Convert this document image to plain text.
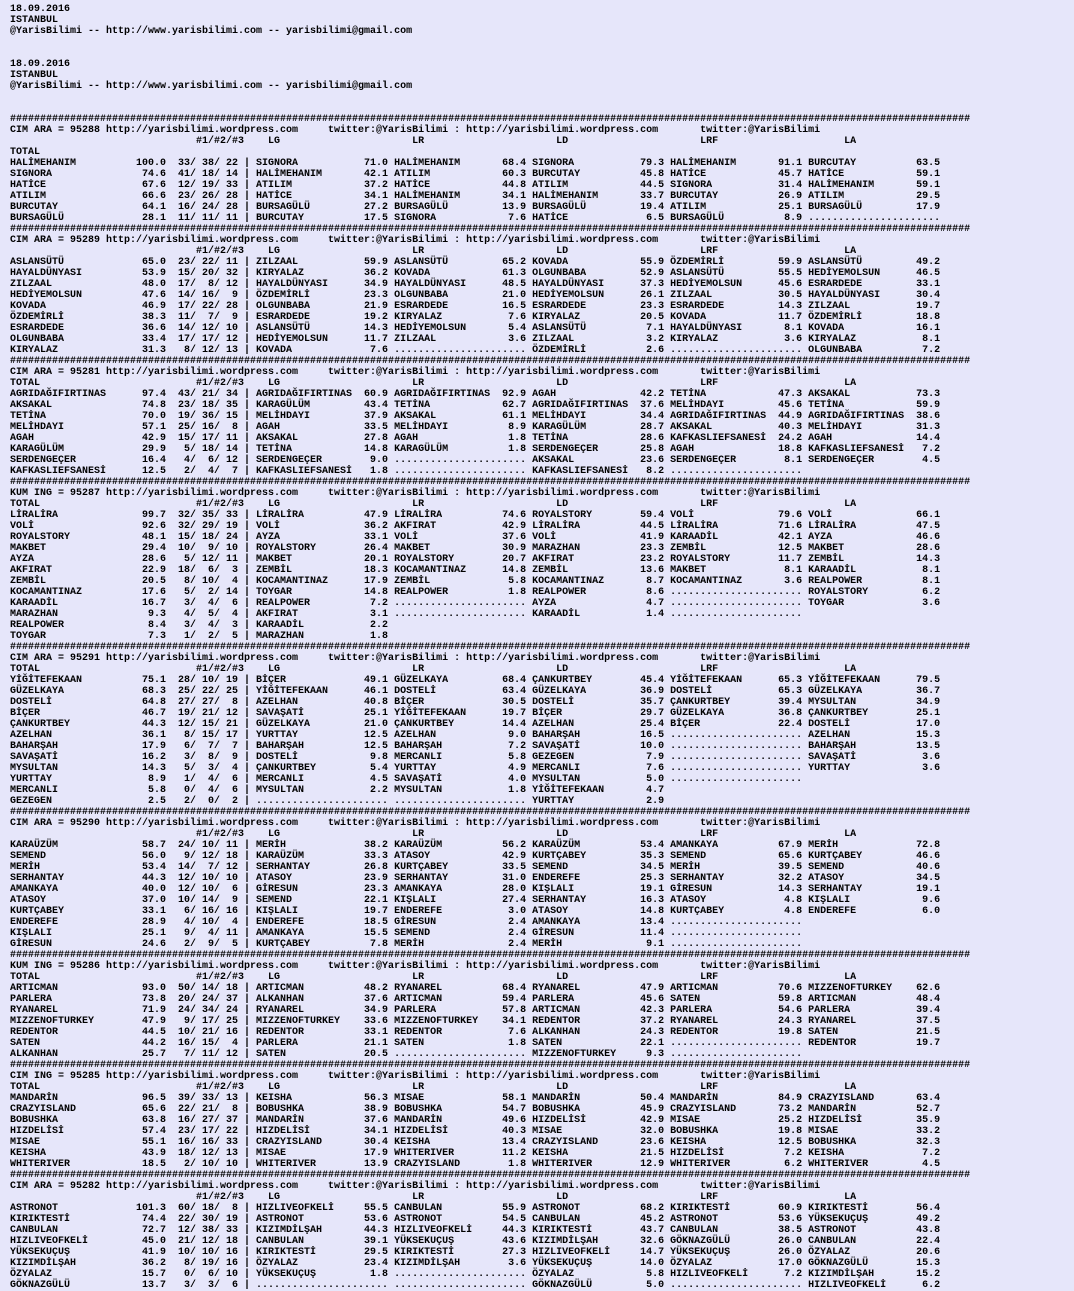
18.09.2016
ISTANBUL
@YarisBilimi -- http://www.yarisbilimi.com -- yarisbilimi@gmail.com

18.09.2016
ISTANBUL
@YarisBilimi -- http://www.yarisbilimi.com -- yarisbilimi@gmail.com

################################################################################################################################################################
CIM ARA = 95288 http://yarisbilimi.wordpress.com     twitter:@YarisBilimi : http://yarisbilimi.wordpress.com       twitter:@YarisBilimi
#1/#2/#3    LG                      LR                      LD                      LRF                     LA
TOTAL
HALİMEHANIM          100.0  33/ 38/ 22 | SIGNORA           71.0 HALİMEHANIM       68.4 SIGNORA           79.3 HALİMEHANIM       91.1 BURCUTAY          63.5
SIGNORA               74.6  41/ 18/ 14 | HALİMEHANIM       42.1 ATILIM            60.3 BURCUTAY          45.8 HATİCE            45.7 HATİCE            59.1
HATİCE                67.6  12/ 19/ 33 | ATILIM            37.2 HATİCE            44.8 ATILIM            44.5 SIGNORA           31.4 HALİMEHANIM       59.1
ATILIM                66.6  23/ 26/ 28 | HATİCE            34.1 HALİMEHANIM       34.1 HALİMEHANIM       33.7 BURCUTAY          26.9 ATILIM            29.5
BURCUTAY              64.1  16/ 24/ 28 | BURSAGÜLÜ         27.2 BURSAGÜLÜ         13.9 BURSAGÜLÜ         19.4 ATILIM            25.1 BURSAGÜLÜ         17.9
BURSAGÜLÜ             28.1  11/ 11/ 11 | BURCUTAY          17.5 SIGNORA            7.6 HATİCE             6.5 BURSAGÜLÜ          8.9 ......................
################################################################################################################################################################
CIM ARA = 95289 http://yarisbilimi.wordpress.com     twitter:@YarisBilimi : http://yarisbilimi.wordpress.com       twitter:@YarisBilimi
#1/#2/#3    LG                      LR                      LD                      LRF                     LA
ASLANSÜTÜ             65.0  23/ 22/ 11 | ZILZAAL           59.9 ASLANSÜTÜ         65.2 KOVADA            55.9 ÖZDEMİRLİ         59.9 ASLANSÜTÜ         49.2
HAYALDÜNYASI          53.9  15/ 20/ 32 | KIRYALAZ          36.2 KOVADA            61.3 OLGUNBABA         52.9 ASLANSÜTÜ         55.5 HEDİYEMOLSUN      46.5
ZILZAAL               48.0  17/  8/ 12 | HAYALDÜNYASI      34.9 HAYALDÜNYASI      48.5 HAYALDÜNYASI      37.3 HEDİYEMOLSUN      45.6 ESRARDEDE         33.1
HEDİYEMOLSUN          47.6  14/ 16/  9 | ÖZDEMİRLİ         23.3 OLGUNBABA         21.0 HEDİYEMOLSUN      26.1 ZILZAAL           30.5 HAYALDÜNYASI      30.4
KOVADA                46.9  17/ 22/ 28 | OLGUNBABA         21.9 ESRARDEDE         16.5 ESRARDEDE         23.3 ESRARDEDE         14.3 ZILZAAL           19.7
ÖZDEMİRLİ             38.3  11/  7/  9 | ESRARDEDE         19.2 KIRYALAZ           7.6 KIRYALAZ          20.5 KOVADA            11.7 ÖZDEMİRLİ         18.8
ESRARDEDE             36.6  14/ 12/ 10 | ASLANSÜTÜ         14.3 HEDİYEMOLSUN       5.4 ASLANSÜTÜ          7.1 HAYALDÜNYASI       8.1 KOVADA            16.1
OLGUNBABA             33.4  17/ 17/ 12 | HEDİYEMOLSUN      11.7 ZILZAAL            3.6 ZILZAAL            3.2 KIRYALAZ           3.6 KIRYALAZ           8.1
KIRYALAZ              31.3   8/ 12/ 13 | KOVADA             7.6 ...................... ÖZDEMİRLİ          2.6 ...................... OLGUNBABA          7.2
################################################################################################################################################################
CIM ARA = 95281 http://yarisbilimi.wordpress.com     twitter:@YarisBilimi : http://yarisbilimi.wordpress.com       twitter:@YarisBilimi
TOTAL                          #1/#2/#3    LG                      LR                      LD                      LRF                     LA
AGRIDAĞIFIRTINAS      97.4  43/ 21/ 34 | AGRIDAĞIFIRTINAS  60.9 AGRIDAĞIFIRTINAS  92.9 AGAH              42.2 TETİNA            47.3 AKSAKAL           73.3
AKSAKAL               74.8  23/ 18/ 35 | KARAGÜLÜM         43.4 TETİNA            62.7 AGRIDAĞIFIRTINAS  37.6 MELİHDAYI         45.6 TETİNA            59.9
TETİNA                70.0  19/ 36/ 15 | MELİHDAYI         37.9 AKSAKAL           61.1 MELİHDAYI         34.4 AGRIDAĞIFIRTINAS  44.9 AGRIDAĞIFIRTINAS  38.6
MELİHDAYI             57.1  25/ 16/  8 | AGAH              33.5 MELİHDAYI          8.9 KARAGÜLÜM         28.7 AKSAKAL           40.3 MELİHDAYI         31.3
AGAH                  42.9  15/ 17/ 11 | AKSAKAL           27.8 AGAH               1.8 TETİNA            28.6 KAFKASLIEFSANESİ  24.2 AGAH              14.4
KARAGÜLÜM             29.9   5/ 18/ 14 | TETİNA            14.8 KARAGÜLÜM          1.8 SERDENGEÇER       25.8 AGAH              18.8 KAFKASLIEFSANESİ   7.2
SERDENGEÇER           16.4   4/  6/ 12 | SERDENGEÇER        9.0 ...................... AKSAKAL           23.6 SERDENGEÇER        8.1 SERDENGEÇER        4.5
KAFKASLIEFSANESİ      12.5   2/  4/  7 | KAFKASLIEFSANESİ   1.8 ...................... KAFKASLIEFSANESİ   8.2 ......................
################################################################################################################################################################
KUM ING = 95287 http://yarisbilimi.wordpress.com     twitter:@YarisBilimi : http://yarisbilimi.wordpress.com       twitter:@YarisBilimi
TOTAL                          #1/#2/#3    LG                      LR                      LD                      LRF                     LA
LİRALİRA              99.7  32/ 35/ 33 | LİRALİRA          47.9 LİRALİRA          74.6 ROYALSTORY        59.4 VOLİ              79.6 VOLİ              66.1
VOLİ                  92.6  32/ 29/ 19 | VOLİ              36.2 AKFIRAT           42.9 LİRALİRA          44.5 LİRALİRA          71.6 LİRALİRA          47.5
ROYALSTORY            48.1  15/ 18/ 24 | AYZA              33.1 VOLİ              37.6 VOLİ              41.9 KARAADİL          42.1 AYZA              46.6
MAKBET                29.4  10/  9/ 10 | ROYALSTORY        26.4 MAKBET            30.9 MARAZHAN          23.3 ZEMBİL            12.5 MAKBET            28.6
AYZA                  28.6   5/ 12/ 11 | MAKBET            20.1 ROYALSTORY        20.7 AKFIRAT           23.2 ROYALSTORY        11.7 ZEMBİL            14.3
AKFIRAT               22.9  18/  6/  3 | ZEMBİL            18.3 KOCAMANTINAZ      14.8 ZEMBİL            13.6 MAKBET             8.1 KARAADİL           8.1
ZEMBİL                20.5   8/ 10/  4 | KOCAMANTINAZ      17.9 ZEMBİL             5.8 KOCAMANTINAZ       8.7 KOCAMANTINAZ       3.6 REALPOWER          8.1
KOCAMANTINAZ          17.6   5/  2/ 14 | TOYGAR            14.8 REALPOWER          1.8 REALPOWER          8.6 ...................... ROYALSTORY         6.2
KARAADİL              16.7   3/  4/  6 | REALPOWER          7.2 ...................... AYZA               4.7 ...................... TOYGAR             3.6
MARAZHAN               9.3   4/  5/  4 | AKFIRAT            3.1 ...................... KARAADİL           1.4 ......................
REALPOWER              8.4   3/  4/  3 | KARAADİL           2.2
TOYGAR                 7.3   1/  2/  5 | MARAZHAN           1.8
################################################################################################################################################################
CIM ARA = 95291 http://yarisbilimi.wordpress.com     twitter:@YarisBilimi : http://yarisbilimi.wordpress.com       twitter:@YarisBilimi
TOTAL                          #1/#2/#3    LG                      LR                      LD                      LRF                     LA
YİĞİTEFEKAAN          75.1  28/ 10/ 19 | BİÇER             49.1 GÜZELKAYA         68.4 ÇANKURTBEY        45.4 YİĞİTEFEKAAN      65.3 YİĞİTEFEKAAN      79.5
GÜZELKAYA             68.3  25/ 22/ 25 | YİĞİTEFEKAAN      46.1 DOSTELİ           63.4 GÜZELKAYA         36.9 DOSTELİ           65.3 GÜZELKAYA         36.7
DOSTELİ               64.8  27/ 27/  8 | AZELHAN           40.8 BİÇER             30.5 DOSTELİ           35.7 ÇANKURTBEY        39.4 MYSULTAN          34.9
BİÇER                 46.7  19/ 21/ 12 | SAVAŞATİ          25.1 YİĞİTEFEKAAN      19.7 BİÇER             29.7 GÜZELKAYA         36.8 ÇANKURTBEY        25.1
ÇANKURTBEY            44.3  12/ 15/ 21 | GÜZELKAYA         21.0 ÇANKURTBEY        14.4 AZELHAN           25.4 BİÇER             22.4 DOSTELİ           17.0
AZELHAN               36.1   8/ 15/ 17 | YURTTAY           12.5 AZELHAN            9.0 BAHARŞAH          16.5 ...................... AZELHAN           15.3
BAHARŞAH              17.9   6/  7/  7 | BAHARŞAH          12.5 BAHARŞAH           7.2 SAVAŞATİ          10.0 ...................... BAHARŞAH          13.5
SAVAŞATİ              16.2   3/  8/  9 | DOSTELİ            9.8 MERCANLI           5.8 GEZEGEN            7.9 ...................... SAVAŞATİ           3.6
MYSULTAN              14.3   5/  3/  4 | ÇANKURTBEY         5.4 YURTTAY            4.9 MERCANLI           7.6 ...................... YURTTAY            3.6
YURTTAY                8.9   1/  4/  6 | MERCANLI           4.5 SAVAŞATİ           4.0 MYSULTAN           5.0 ......................
MERCANLI               5.8   0/  4/  6 | MYSULTAN           2.2 MYSULTAN           1.8 YİĞİTEFEKAAN       4.7
GEZEGEN                2.5   2/  0/  2 | ...................... ...................... YURTTAY            2.9
################################################################################################################################################################
CIM ARA = 95290 http://yarisbilimi.wordpress.com     twitter:@YarisBilimi : http://yarisbilimi.wordpress.com       twitter:@YarisBilimi
#1/#2/#3    LG                      LR                      LD                      LRF                     LA
KARAÜZÜM              58.7  24/ 10/ 11 | MERİH             38.2 KARAÜZÜM          56.2 KARAÜZÜM          53.4 AMANKAYA          67.9 MERİH             72.8
SEMEND                56.0   9/ 12/ 18 | KARAÜZÜM          33.3 ATASOY            42.9 KURTÇABEY         35.3 SEMEND            65.6 KURTÇABEY         46.6
MERİH                 53.4  14/  7/ 12 | SERHANTAY         26.8 KURTÇABEY         33.5 SEMEND            34.5 MERİH             39.5 SEMEND            40.6
SERHANTAY             44.3  12/ 10/ 10 | ATASOY            23.9 SERHANTAY         31.0 ENDEREFE          25.3 SERHANTAY         32.2 ATASOY            34.5
AMANKAYA              40.0  12/ 10/  6 | GİRESUN           23.3 AMANKAYA          28.0 KIŞLALI           19.1 GİRESUN           14.3 SERHANTAY         19.1
ATASOY                37.0  10/ 14/  9 | SEMEND            22.1 KIŞLALI           27.4 SERHANTAY         16.3 ATASOY             4.8 KIŞLALI            9.6
KURTÇABEY             33.1   6/ 16/ 16 | KIŞLALI           19.7 ENDEREFE           3.0 ATASOY            14.8 KURTÇABEY          4.8 ENDEREFE           6.0
ENDEREFE              28.9   4/ 10/  4 | ENDEREFE          18.5 GİRESUN            2.4 AMANKAYA          13.4 ......................
KIŞLALI               25.1   9/  4/ 11 | AMANKAYA          15.5 SEMEND             2.4 GİRESUN           11.4 ......................
GİRESUN               24.6   2/  9/  5 | KURTÇABEY          7.8 MERİH              2.4 MERİH              9.1 ......................
################################################################################################################################################################
KUM ING = 95286 http://yarisbilimi.wordpress.com     twitter:@YarisBilimi : http://yarisbilimi.wordpress.com       twitter:@YarisBilimi
TOTAL                          #1/#2/#3    LG                      LR                      LD                      LRF                     LA
ARTICMAN              93.0  50/ 14/ 18 | ARTICMAN          48.2 RYANAREL          68.4 RYANAREL          47.9 ARTICMAN          70.6 MIZZENOFTURKEY    62.6
PARLERA               73.8  20/ 24/ 37 | ALKANHAN          37.6 ARTICMAN          59.4 PARLERA           45.6 SATEN             59.8 ARTICMAN          48.4
RYANAREL              71.9  24/ 34/ 24 | RYANAREL          34.9 PARLERA           57.8 ARTICMAN          42.3 PARLERA           54.6 PARLERA           39.4
MIZZENOFTURKEY        47.9   9/ 17/ 25 | MIZZENOFTURKEY    33.6 MIZZENOFTURKEY    34.1 REDENTOR          37.2 RYANAREL          24.3 RYANAREL          37.5
REDENTOR              44.5  10/ 21/ 16 | REDENTOR          33.1 REDENTOR           7.6 ALKANHAN          24.3 REDENTOR          19.8 SATEN             21.5
SATEN                 44.2  16/ 15/  4 | PARLERA           21.1 SATEN              1.8 SATEN             22.1 ...................... REDENTOR          19.7
ALKANHAN              25.7   7/ 11/ 12 | SATEN             20.5 ...................... MIZZENOFTURKEY     9.3 ......................
################################################################################################################################################################
CIM ING = 95285 http://yarisbilimi.wordpress.com     twitter:@YarisBilimi : http://yarisbilimi.wordpress.com       twitter:@YarisBilimi
TOTAL                          #1/#2/#3    LG                      LR                      LD                      LRF                     LA
MANDARİN              96.5  39/ 33/ 13 | KEISHA            56.3 MISAE             58.1 MANDARİN          50.4 MANDARİN          84.9 CRAZYISLAND       63.4
CRAZYISLAND           65.6  22/ 21/  8 | BOBUSHKA          38.9 BOBUSHKA          54.7 BOBUSHKA          45.9 CRAZYISLAND       73.2 MANDARİN          52.7
BOBUSHKA              63.8  16/ 27/ 37 | MANDARİN          37.6 MANDARİN          49.6 HIZDELİSİ         42.9 MISAE             25.2 HIZDELİSİ         35.9
HIZDELİSİ             57.4  23/ 17/ 22 | HIZDELİSİ         34.1 HIZDELİSİ         40.3 MISAE             32.0 BOBUSHKA          19.8 MISAE             33.2
MISAE                 55.1  16/ 16/ 33 | CRAZYISLAND       30.4 KEISHA            13.4 CRAZYISLAND       23.6 KEISHA            12.5 BOBUSHKA          32.3
KEISHA                43.9  18/ 12/ 13 | MISAE             17.9 WHITERIVER        11.2 KEISHA            21.5 HIZDELİSİ          7.2 KEISHA             7.2
WHITERIVER            18.5   2/ 10/ 10 | WHITERIVER        13.9 CRAZYISLAND        1.8 WHITERIVER        12.9 WHITERIVER         6.2 WHITERIVER         4.5
################################################################################################################################################################
CIM ARA = 95282 http://yarisbilimi.wordpress.com     twitter:@YarisBilimi : http://yarisbilimi.wordpress.com       twitter:@YarisBilimi
#1/#2/#3    LG                      LR                      LD                      LRF                     LA
ASTRONOT             101.3  60/ 18/  8 | HIZLIVEOFKELİ     55.5 CANBULAN          55.9 ASTRONOT          68.2 KIRIKTESTİ        60.9 KIRIKTESTİ        56.4
KIRIKTESTİ            74.4  22/ 30/ 19 | ASTRONOT          53.6 ASTRONOT          54.5 CANBULAN          45.2 ASTRONOT          53.6 YÜKSEKUÇUŞ        49.2
CANBULAN              72.7  12/ 38/ 33 | KIZIMDİLŞAH       44.3 HIZLIVEOFKELİ     44.3 KIRIKTESTİ        43.7 CANBULAN          38.5 ASTRONOT          43.8
HIZLIVEOFKELİ         45.0  21/ 12/ 18 | CANBULAN          39.1 YÜKSEKUÇUŞ        43.6 KIZIMDİLŞAH       32.6 GÖKNAZGÜLÜ        26.0 CANBULAN          22.4
YÜKSEKUÇUŞ            41.9  10/ 10/ 16 | KIRIKTESTİ        29.5 KIRIKTESTİ        27.3 HIZLIVEOFKELİ     14.7 YÜKSEKUÇUŞ        26.0 ÖZYALAZ           20.6
KIZIMDİLŞAH           36.2   8/ 19/ 16 | ÖZYALAZ           23.4 KIZIMDİLŞAH        3.6 YÜKSEKUÇUŞ        14.0 ÖZYALAZ           17.0 GÖKNAZGÜLÜ        15.3
ÖZYALAZ               15.7   0/  6/ 10 | YÜKSEKUÇUŞ         1.8 ...................... ÖZYALAZ            5.8 HIZLIVEOFKELİ      7.2 KIZIMDİLŞAH       15.2
GÖKNAZGÜLÜ            13.7   3/  3/  6 | ...................... ...................... GÖKNAZGÜLÜ         5.0 ...................... HIZLIVEOFKELİ      6.2
